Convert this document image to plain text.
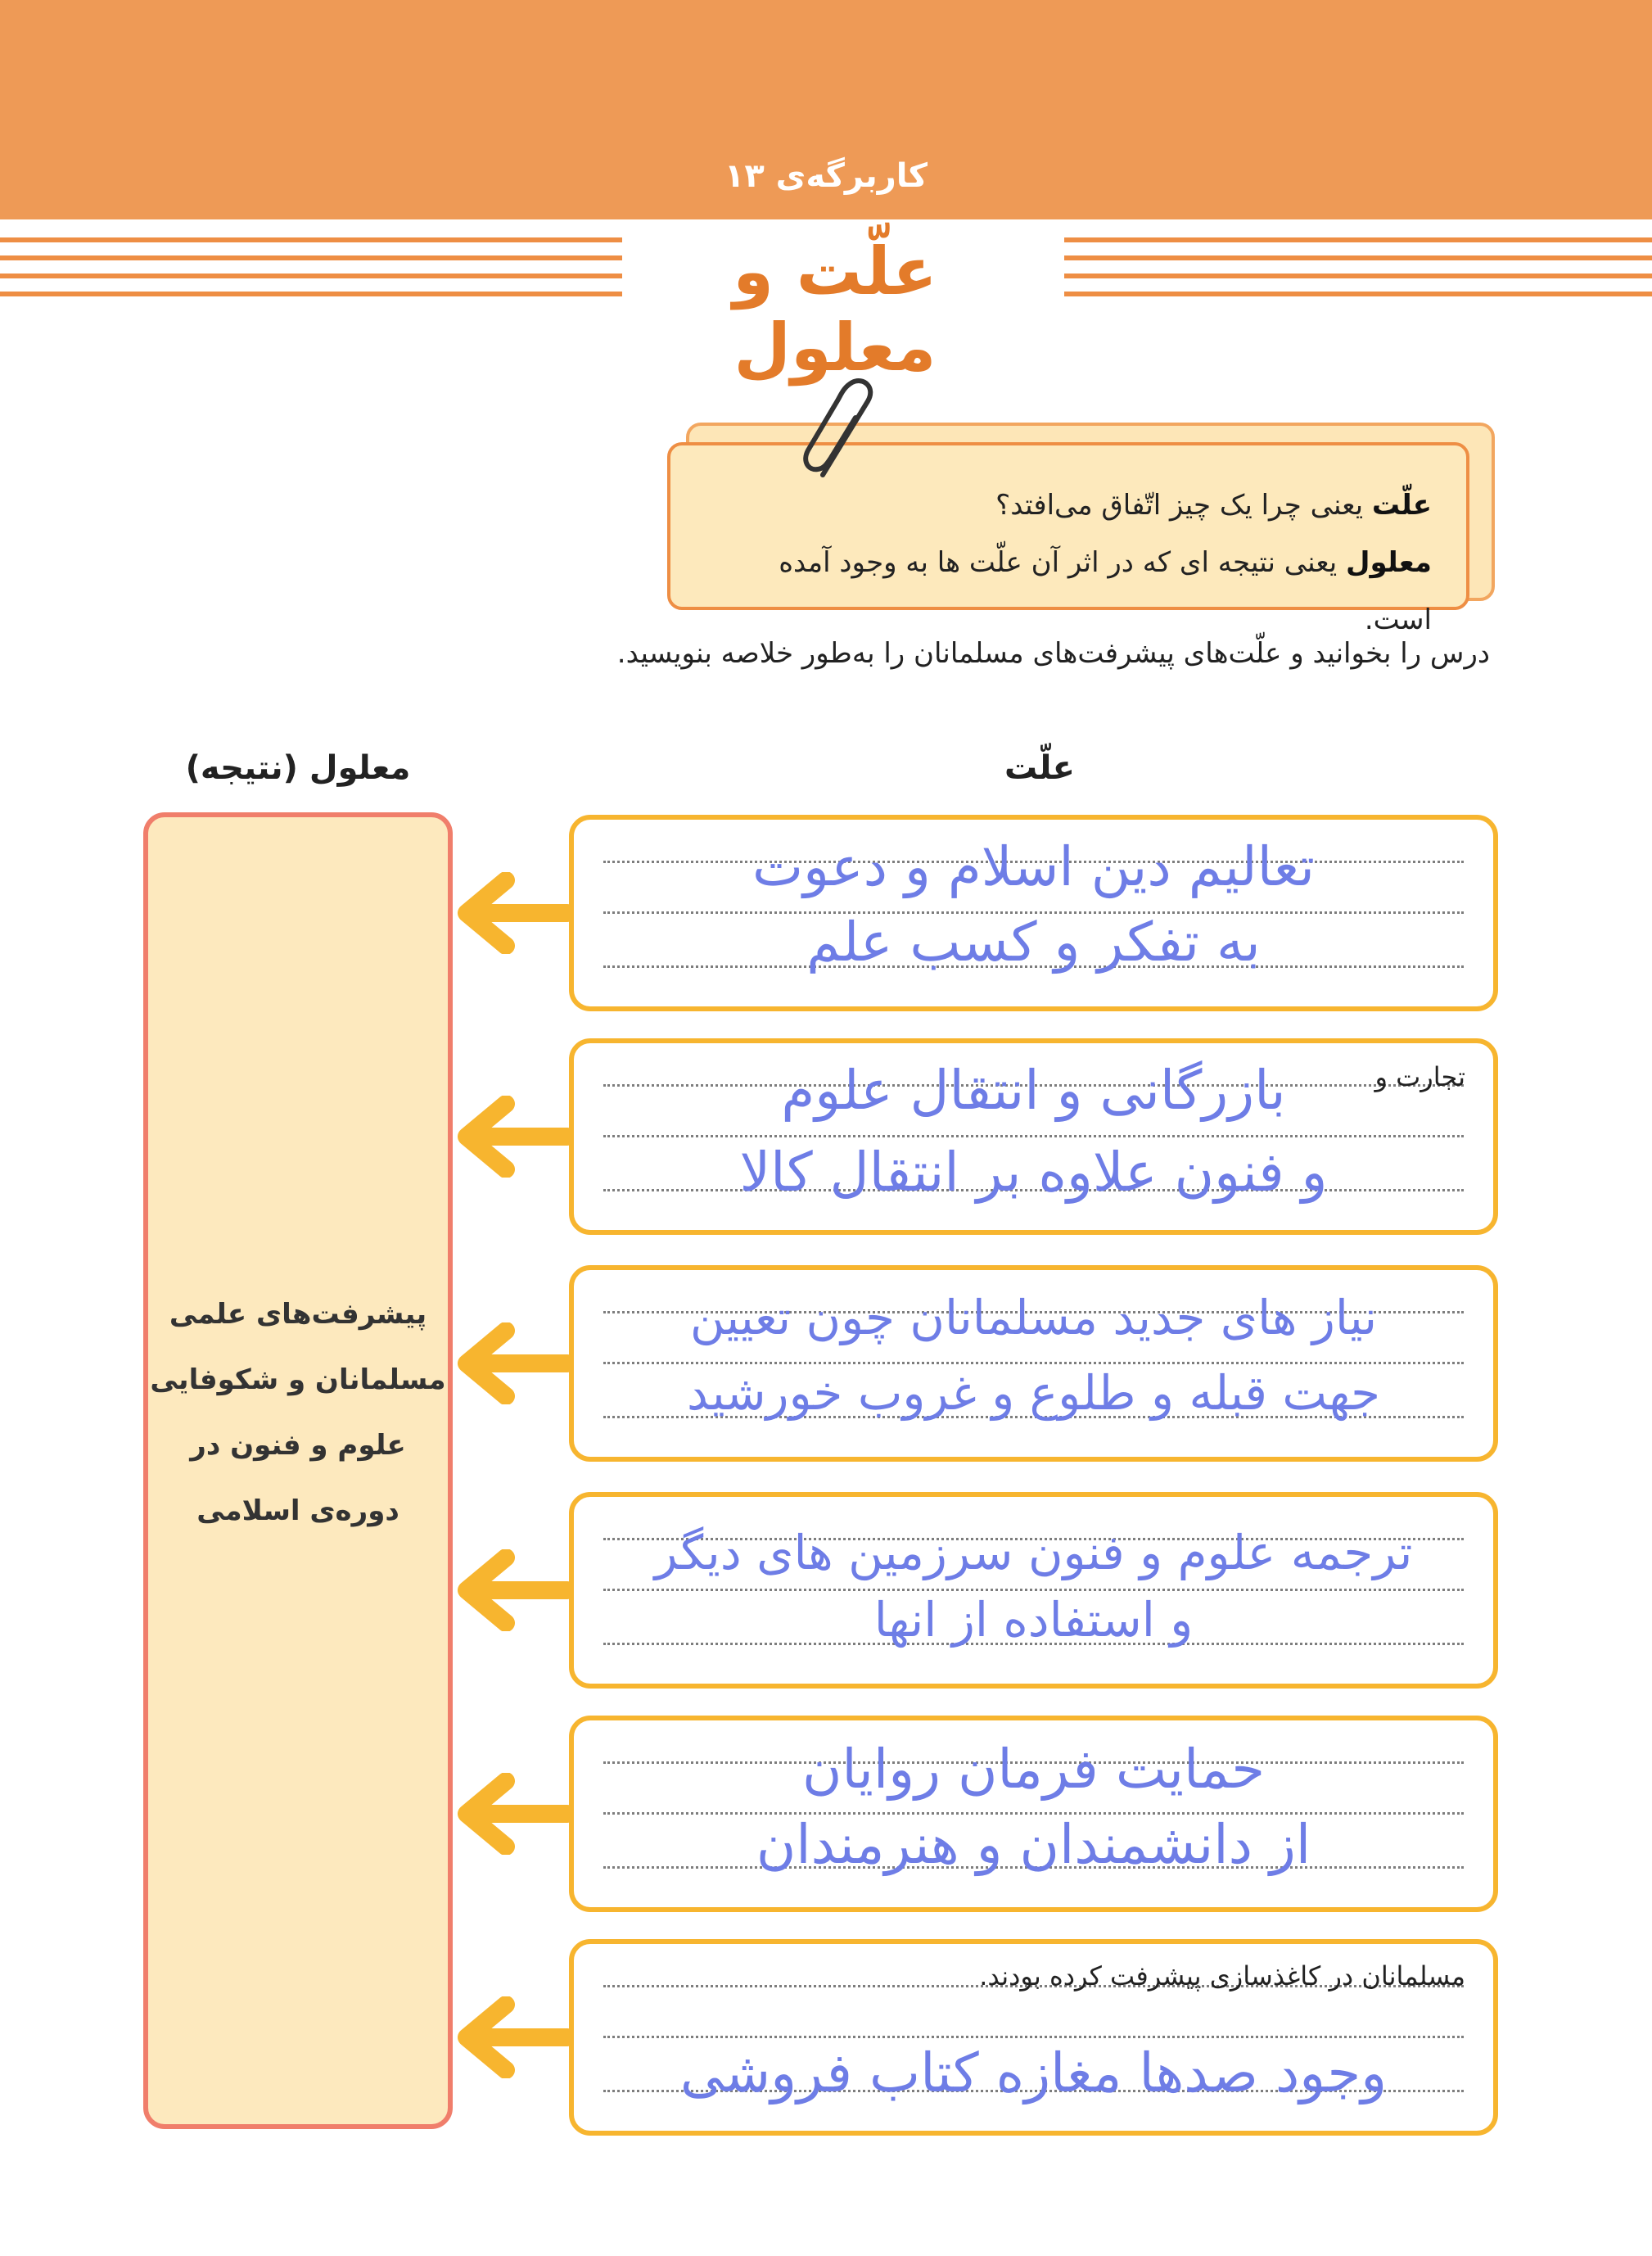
کاربرگه‌ی ۱۳
علّت و معلول

علّت یعنی چرا یک چیز اتّفاق می‌افتد؟

معلول یعنی نتیجه ای که در اثر آن علّت ها به وجود آمده است.

درس را بخوانید و علّت‌های پیشرفت‌های مسلمانان را به‌طور خلاصه بنویسید.
علّت
معلول (نتیجه)
پیشرفت‌های علمی
مسلمانان و شکوفایی
علوم و فنون در
دوره‌ی اسلامی
تعالیم دین اسلام و دعوت
به تفکر و کسب علم
تجارت و
بازرگانی و انتقال علوم
و فنون علاوه بر انتقال کالا
نیاز های جدید مسلمانان چون تعیین
جهت قبله و طلوع و غروب خورشید
ترجمه علوم و فنون سرزمین های دیگر
و استفاده از انها
حمایت فرمان روایان
از دانشمندان و هنرمندان
مسلمانان در کاغذسازی پیشرفت کرده بودند.
وجود صدها مغازه کتاب فروشی
